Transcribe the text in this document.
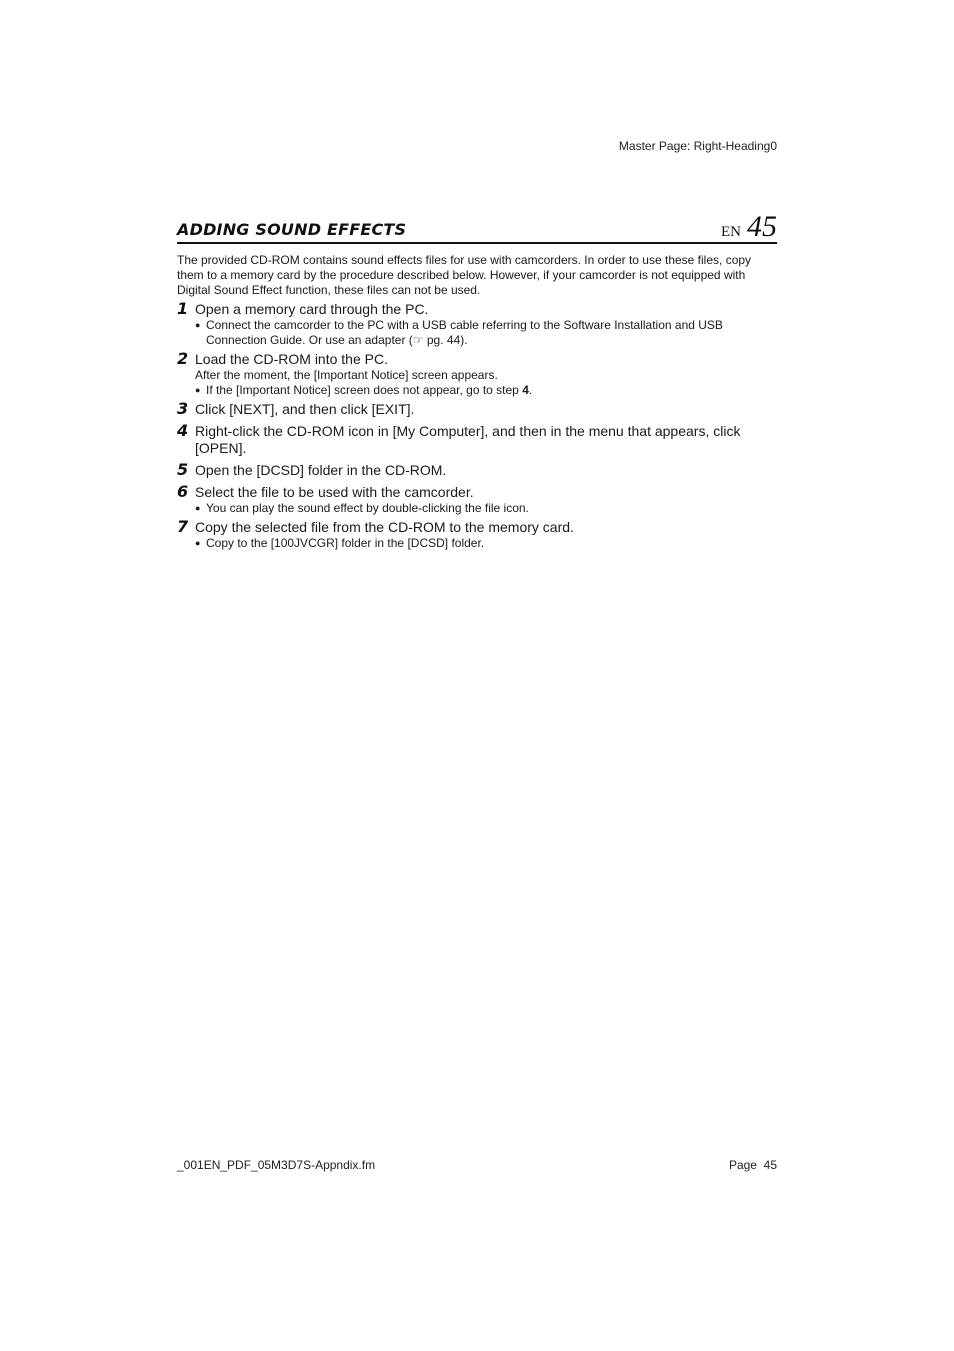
Master Page: Right-Heading0
ADDING SOUND EFFECTS	EN 45

The provided CD-ROM contains sound effects files for use with camcorders. In order to use these files, copy them to a memory card by the procedure described below. However, if your camcorder is not equipped with Digital Sound Effect function, these files can not be used.

1 Open a memory card through the PC.

● Connect the camcorder to the PC with a USB cable referring to the Software Installation and USB Connection Guide. Or use an adapter (☞ pg. 44).
2 Load the CD-ROM into the PC.

After the moment, the [Important Notice] screen appears.

● If the [Important Notice] screen does not appear, go to step 4.
3 Click [NEXT], and then click [EXIT].

4 Right-click the CD-ROM icon in [My Computer], and then in the menu that appears, click [OPEN].

5 Open the [DCSD] folder in the CD-ROM.

6 Select the file to be used with the camcorder.

● You can play the sound effect by double-clicking the file icon.
7 Copy the selected file from the CD-ROM to the memory card.

● Copy to the [100JVCGR] folder in the [DCSD] folder.
_001EN_PDF_05M3D7S-Appndix.fm	Page  45
